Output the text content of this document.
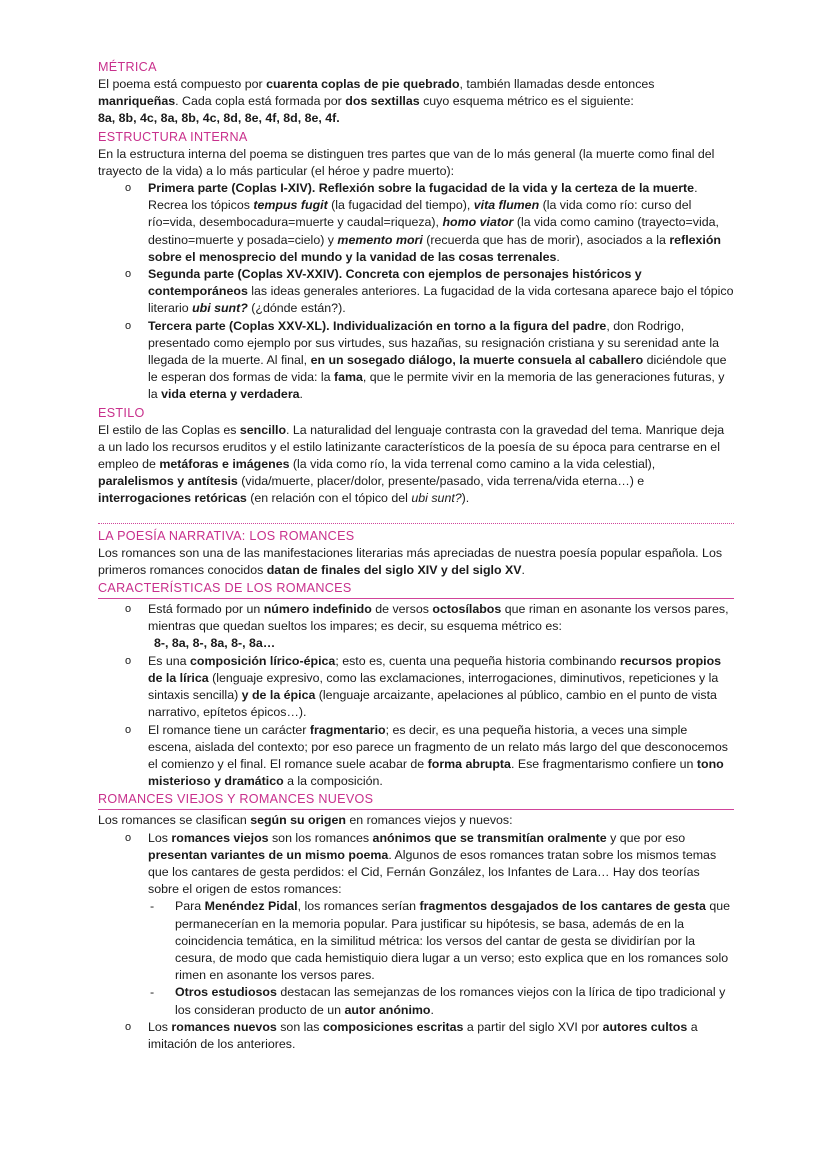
MÉTRICA

El poema está compuesto por cuarenta coplas de pie quebrado, también llamadas desde entonces manriqueñas. Cada copla está formada por dos sextillas cuyo esquema métrico es el siguiente:

8a, 8b, 4c, 8a, 8b, 4c, 8d, 8e, 4f, 8d, 8e, 4f.

ESTRUCTURA INTERNA

En la estructura interna del poema se distinguen tres partes que van de lo más general (la muerte como final del trayecto de la vida) a lo más particular (el héroe y padre muerto):

o Primera parte (Coplas I-XIV). Reflexión sobre la fugacidad de la vida y la certeza de la muerte. Recrea los tópicos tempus fugit (la fugacidad del tiempo), vita flumen (la vida como río: curso del río=vida, desembocadura=muerte y caudal=riqueza), homo viator (la vida como camino (trayecto=vida, destino=muerte y posada=cielo) y memento mori (recuerda que has de morir), asociados a la reflexión sobre el menosprecio del mundo y la vanidad de las cosas terrenales.
o Segunda parte (Coplas XV-XXIV). Concreta con ejemplos de personajes históricos y contemporáneos las ideas generales anteriores. La fugacidad de la vida cortesana aparece bajo el tópico literario ubi sunt? (¿dónde están?).
o Tercera parte (Coplas XXV-XL). Individualización en torno a la figura del padre, don Rodrigo, presentado como ejemplo por sus virtudes, sus hazañas, su resignación cristiana y su serenidad ante la llegada de la muerte. Al final, en un sosegado diálogo, la muerte consuela al caballero diciéndole que le esperan dos formas de vida: la fama, que le permite vivir en la memoria de las generaciones futuras, y la vida eterna y verdadera.

ESTILO

El estilo de las Coplas es sencillo. La naturalidad del lenguaje contrasta con la gravedad del tema. Manrique deja a un lado los recursos eruditos y el estilo latinizante característicos de la poesía de su época para centrarse en el empleo de metáforas e imágenes (la vida como río, la vida terrenal como camino a la vida celestial), paralelismos y antítesis (vida/muerte, placer/dolor, presente/pasado, vida terrena/vida eterna…) e interrogaciones retóricas (en relación con el tópico del ubi sunt?).

LA POESÍA NARRATIVA: LOS ROMANCES

Los romances son una de las manifestaciones literarias más apreciadas de nuestra poesía popular española. Los primeros romances conocidos datan de finales del siglo XIV y del siglo XV.

CARACTERÍSTICAS DE LOS ROMANCES

o Está formado por un número indefinido de versos octosílabos que riman en asonante los versos pares, mientras que quedan sueltos los impares; es decir, su esquema métrico es:
8-, 8a, 8-, 8a, 8-, 8a…
o Es una composición lírico-épica; esto es, cuenta una pequeña historia combinando recursos propios de la lírica (lenguaje expresivo, como las exclamaciones, interrogaciones, diminutivos, repeticiones y la sintaxis sencilla) y de la épica (lenguaje arcaizante, apelaciones al público, cambio en el punto de vista narrativo, epítetos épicos…).
o El romance tiene un carácter fragmentario; es decir, es una pequeña historia, a veces una simple escena, aislada del contexto; por eso parece un fragmento de un relato más largo del que desconocemos el comienzo y el final. El romance suele acabar de forma abrupta. Ese fragmentarismo confiere un tono misterioso y dramático a la composición.

ROMANCES VIEJOS Y ROMANCES NUEVOS

Los romances se clasifican según su origen en romances viejos y nuevos:

o Los romances viejos son los romances anónimos que se transmitían oralmente y que por eso presentan variantes de un mismo poema. Algunos de esos romances tratan sobre los mismos temas que los cantares de gesta perdidos: el Cid, Fernán González, los Infantes de Lara… Hay dos teorías sobre el origen de estos romances:
- Para Menéndez Pidal, los romances serían fragmentos desgajados de los cantares de gesta que permanecerían en la memoria popular. Para justificar su hipótesis, se basa, además de en la coincidencia temática, en la similitud métrica: los versos del cantar de gesta se dividirían por la cesura, de modo que cada hemistiquio diera lugar a un verso; esto explica que en los romances solo rimen en asonante los versos pares.
- Otros estudiosos destacan las semejanzas de los romances viejos con la lírica de tipo tradicional y los consideran producto de un autor anónimo.
o Los romances nuevos son las composiciones escritas a partir del siglo XVI por autores cultos a imitación de los anteriores.
